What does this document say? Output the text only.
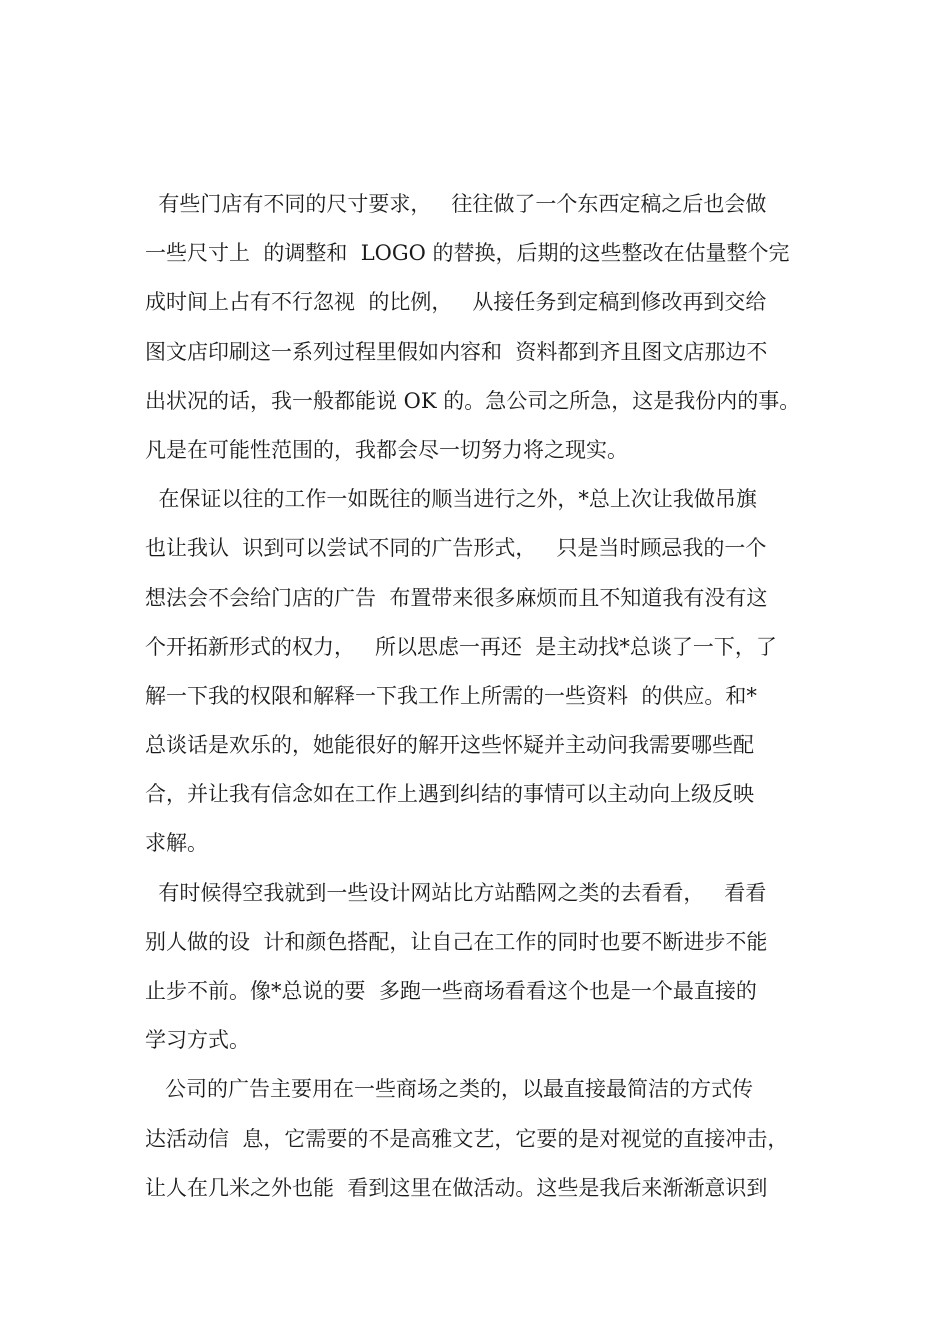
有些门店有不同的尺寸要求，   往往做了一个东西定稿之后也会做
一些尺寸上  的调整和  LOGO 的替换，后期的这些整改在估量整个完
成时间上占有不行忽视  的比例，   从接任务到定稿到修改再到交给
图文店印刷这一系列过程里假如内容和  资料都到齐且图文店那边不
出状况的话，我一般都能说 OK 的。急公司之所急，这是我份内的事。
凡是在可能性范围的，我都会尽一切努力将之现实。
在保证以往的工作一如既往的顺当进行之外，*总上次让我做吊旗
也让我认  识到可以尝试不同的广告形式，   只是当时顾忌我的一个
想法会不会给门店的广告  布置带来很多麻烦而且不知道我有没有这
个开拓新形式的权力，   所以思虑一再还  是主动找*总谈了一下，了
解一下我的权限和解释一下我工作上所需的一些资料  的供应。和*
总谈话是欢乐的，她能很好的解开这些怀疑并主动问我需要哪些配
合，并让我有信念如在工作上遇到纠结的事情可以主动向上级反映
求解。
有时候得空我就到一些设计网站比方站酷网之类的去看看，   看看
别人做的设  计和颜色搭配，让自己在工作的同时也要不断进步不能
止步不前。像*总说的要  多跑一些商场看看这个也是一个最直接的
学习方式。
公司的广告主要用在一些商场之类的，以最直接最简洁的方式传
达活动信  息，它需要的不是高雅文艺，它要的是对视觉的直接冲击，
让人在几米之外也能  看到这里在做活动。这些是我后来渐渐意识到
